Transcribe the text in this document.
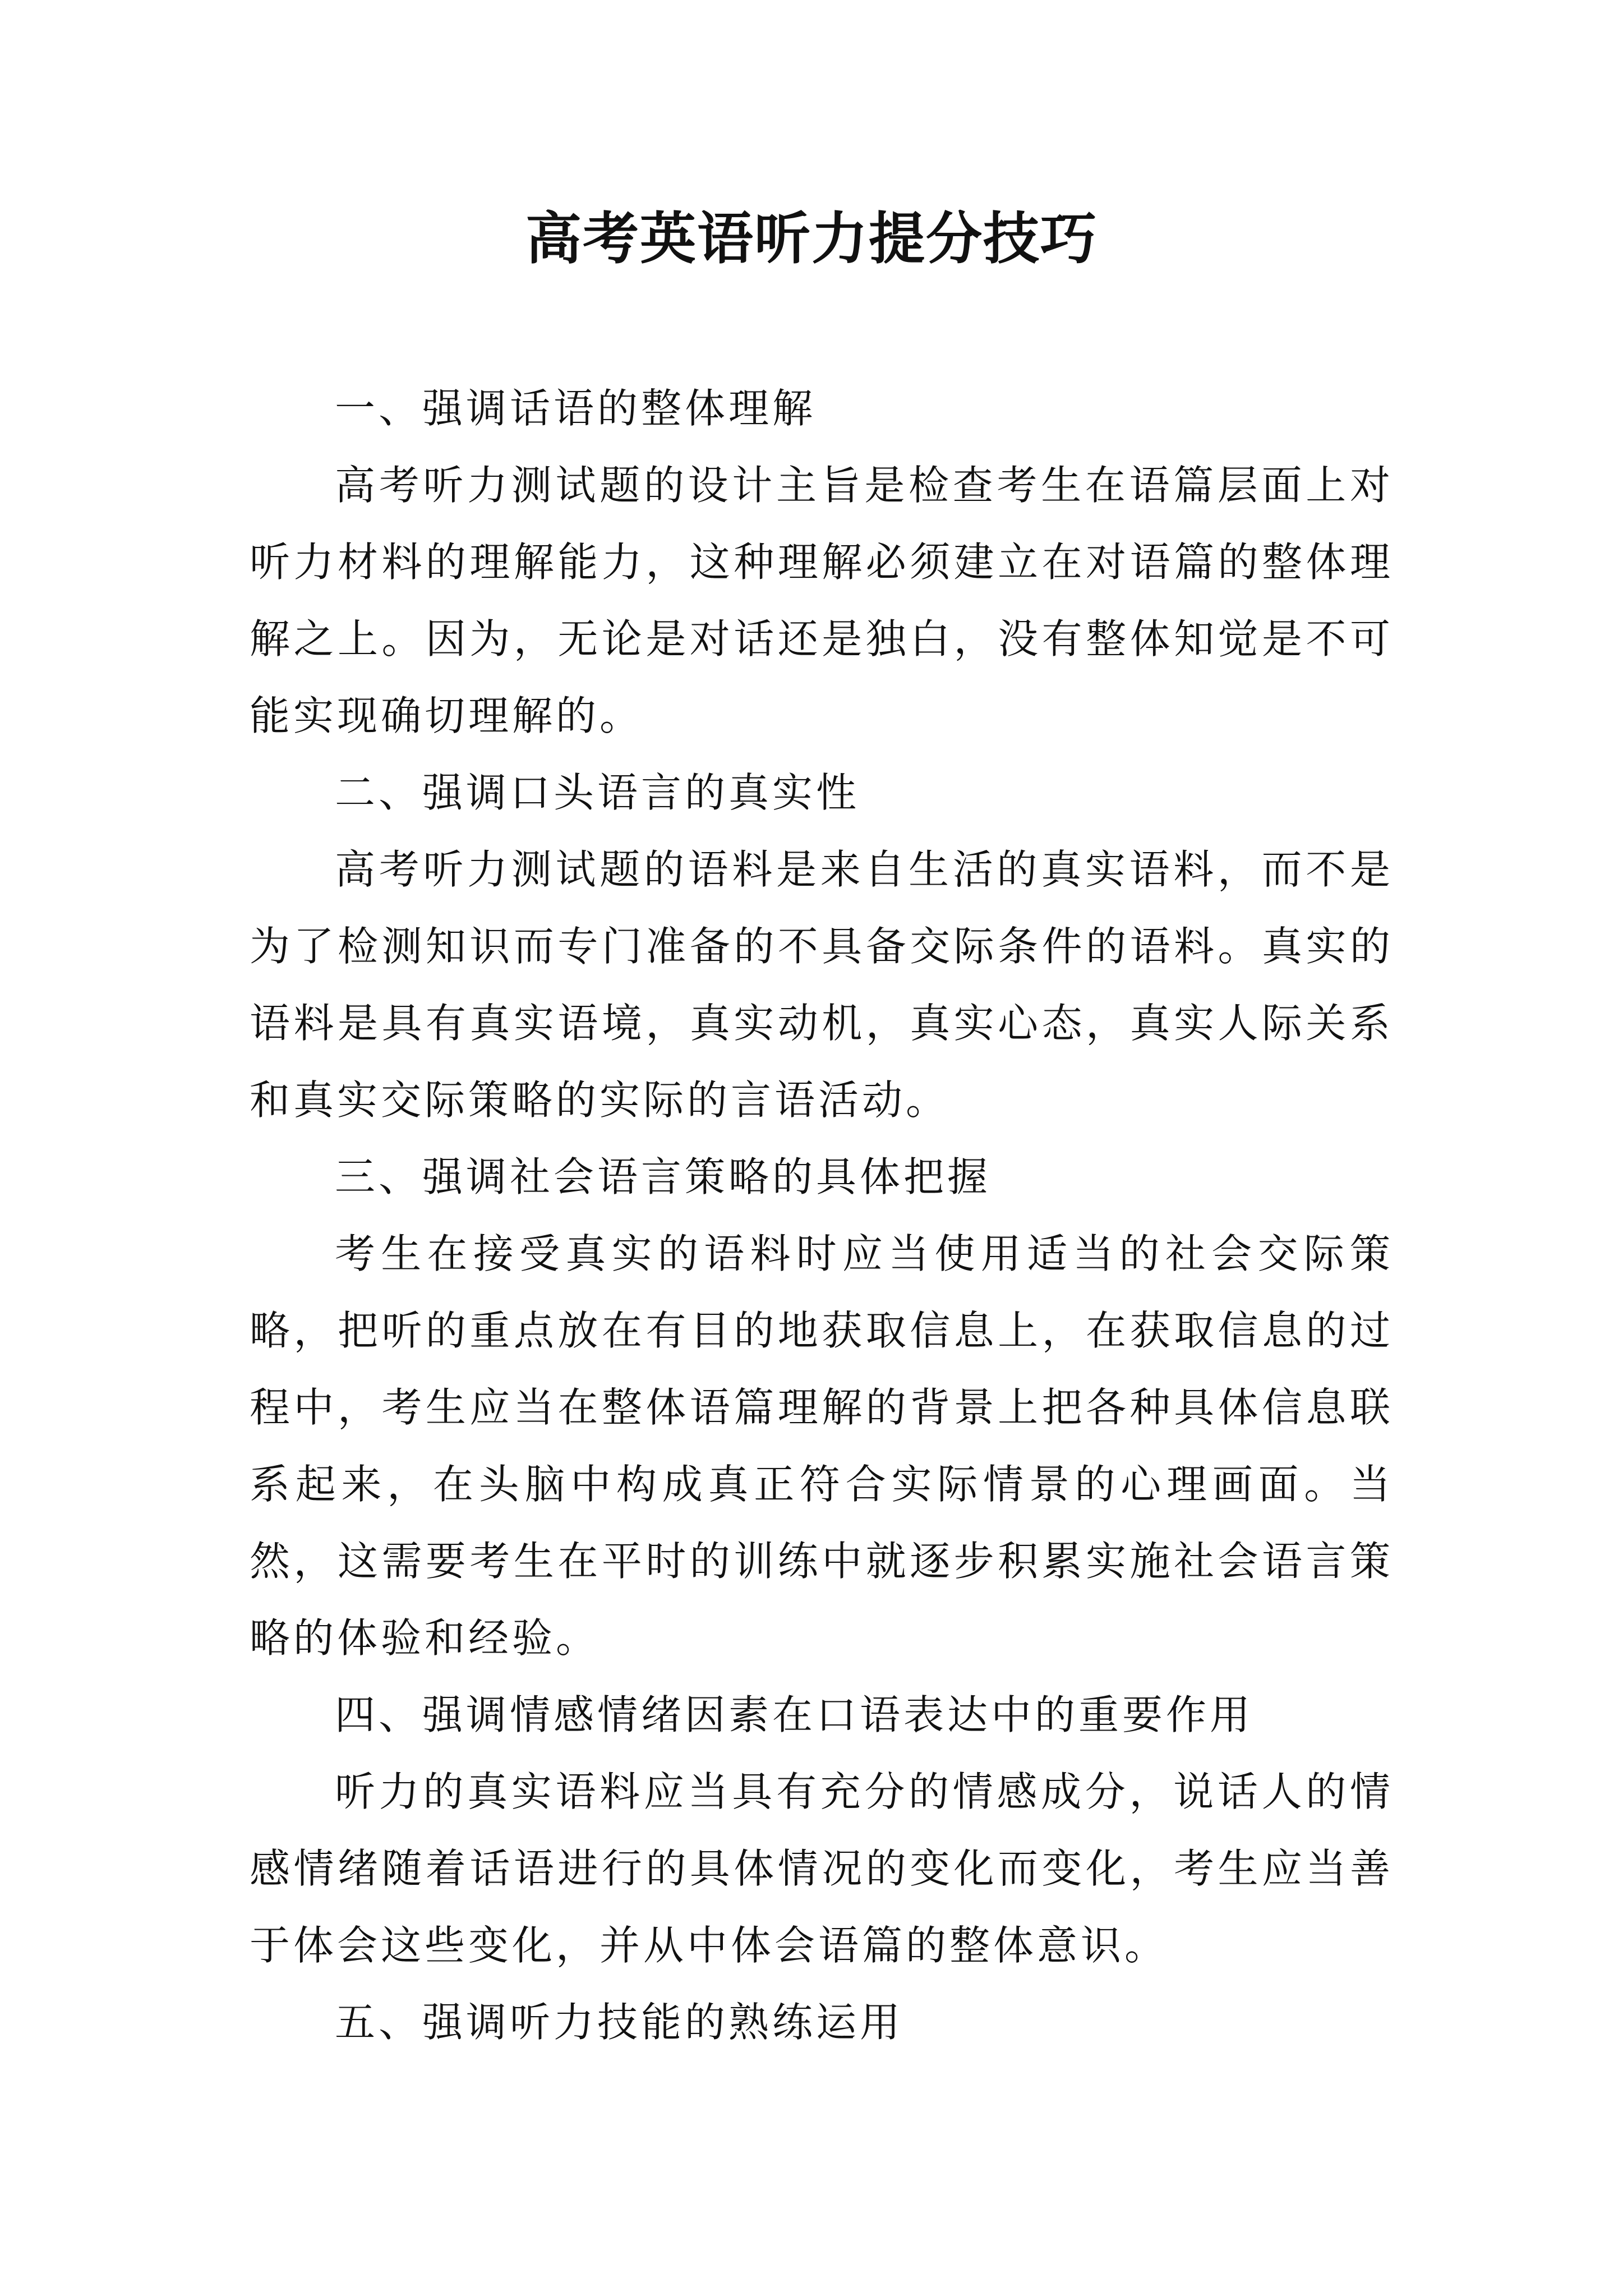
高考英语听力提分技巧

一、强调话语的整体理解

高考听力测试题的设计主旨是检查考生在语篇层面上对听力材料的理解能力，这种理解必须建立在对语篇的整体理解之上。因为，无论是对话还是独白，没有整体知觉是不可能实现确切理解的。

二、强调口头语言的真实性

高考听力测试题的语料是来自生活的真实语料，而不是为了检测知识而专门准备的不具备交际条件的语料。真实的语料是具有真实语境，真实动机，真实心态，真实人际关系和真实交际策略的实际的言语活动。

三、强调社会语言策略的具体把握

考生在接受真实的语料时应当使用适当的社会交际策略，把听的重点放在有目的地获取信息上，在获取信息的过程中，考生应当在整体语篇理解的背景上把各种具体信息联系起来，在头脑中构成真正符合实际情景的心理画面。当然，这需要考生在平时的训练中就逐步积累实施社会语言策略的体验和经验。

四、强调情感情绪因素在口语表达中的重要作用

听力的真实语料应当具有充分的情感成分，说话人的情感情绪随着话语进行的具体情况的变化而变化，考生应当善于体会这些变化，并从中体会语篇的整体意识。

五、强调听力技能的熟练运用
